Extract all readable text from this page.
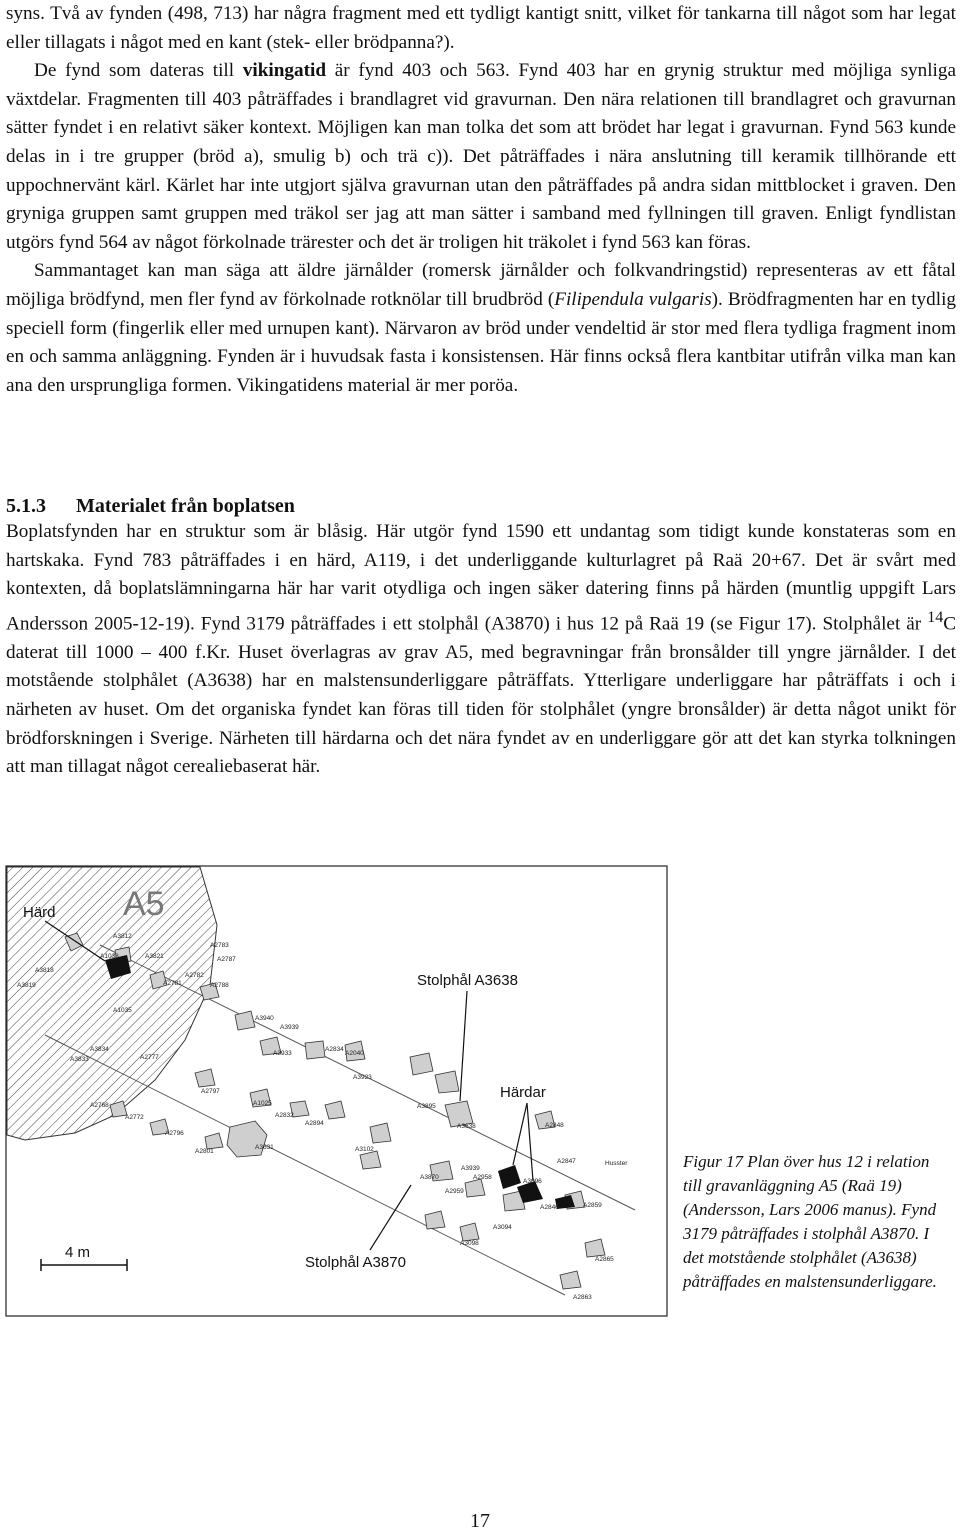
syns. Två av fynden (498, 713) har några fragment med ett tydligt kantigt snitt, vilket för tankarna till något som har legat eller tillagats i något med en kant (stek- eller brödpanna?).

De fynd som dateras till vikingatid är fynd 403 och 563. Fynd 403 har en grynig struktur med möjliga synliga växtdelar. Fragmenten till 403 påträffades i brandlagret vid gravurnan. Den nära relationen till brandlagret och gravurnan sätter fyndet i en relativt säker kontext. Möjligen kan man tolka det som att brödet har legat i gravurnan. Fynd 563 kunde delas in i tre grupper (bröd a), smulig b) och trä c)). Det påträffades i nära anslutning till keramik tillhörande ett uppochnervänt kärl. Kärlet har inte utgjort själva gravurnan utan den påträffades på andra sidan mittblocket i graven. Den gryniga gruppen samt gruppen med träkol ser jag att man sätter i samband med fyllningen till graven. Enligt fyndlistan utgörs fynd 564 av något förkolnade trärester och det är troligen hit träkolet i fynd 563 kan föras.

Sammantaget kan man säga att äldre järnålder (romersk järnålder och folkvandringstid) representeras av ett fåtal möjliga brödfynd, men fler fynd av förkolnade rotknölar till brudbröd (Filipendula vulgaris). Brödfragmenten har en tydlig speciell form (fingerlik eller med urnupen kant). Närvaron av bröd under vendeltid är stor med flera tydliga fragment inom en och samma anläggning. Fynden är i huvudsak fasta i konsistensen. Här finns också flera kantbitar utifrån vilka man kan ana den ursprungliga formen. Vikingatidens material är mer poröa.

5.1.3 Materialet från boplatsen

Boplatsfynden har en struktur som är blåsig. Här utgör fynd 1590 ett undantag som tidigt kunde konstateras som en hartskaka. Fynd 783 påträffades i en härd, A119, i det underliggande kulturlagret på Raä 20+67. Det är svårt med kontexten, då boplatslämningarna här har varit otydliga och ingen säker datering finns på härden (muntlig uppgift Lars Andersson 2005-12-19). Fynd 3179 påträffades i ett stolphål (A3870) i hus 12 på Raä 19 (se Figur 17). Stolphålet är $^{14}$C daterat till 1000 – 400 f.Kr. Huset överlagras av grav A5, med begravningar från bronsålder till yngre järnålder. I det motstående stolphålet (A3638) har en malstensunderliggare påträffats. Ytterligare underliggare har påträffats i och i närheten av huset. Om det organiska fyndet kan föras till tiden för stolphålet (yngre bronsålder) är detta något unikt för brödforskningen i Sverige. Närheten till härdarna och det nära fyndet av en underliggare gör att det kan styrka tolkningen att man tillagat något cerealiebaserat här.

A3812
A1038	A3821
A3818
A3819
A1035
A2783
A2787
A2782
A2781	A2788
A3940
A3939
A2834
A3933	A2040
A3834
A2777
A3833
A3923
A2797
A1025
A2832
A2894
A3895
A2768
A2772
A2796
A2801
A3631	A3102
A3638	A2848
A2847
A3939
A2958
A3096
A3870
A2959
A2846	A2859
A3094
A3098
A2865
A2863
Husster
A5
Härd
Stolphål A3638
Härdar
Stolphål A3870
4 m
Figur 17 Plan över hus 12 i relation till gravanläggning A5 (Raä 19) (Andersson, Lars 2006 manus). Fynd 3179 påträffades i stolphål A3870. I det motstående stolphålet (A3638) påträffades en malstensunderliggare.
17
